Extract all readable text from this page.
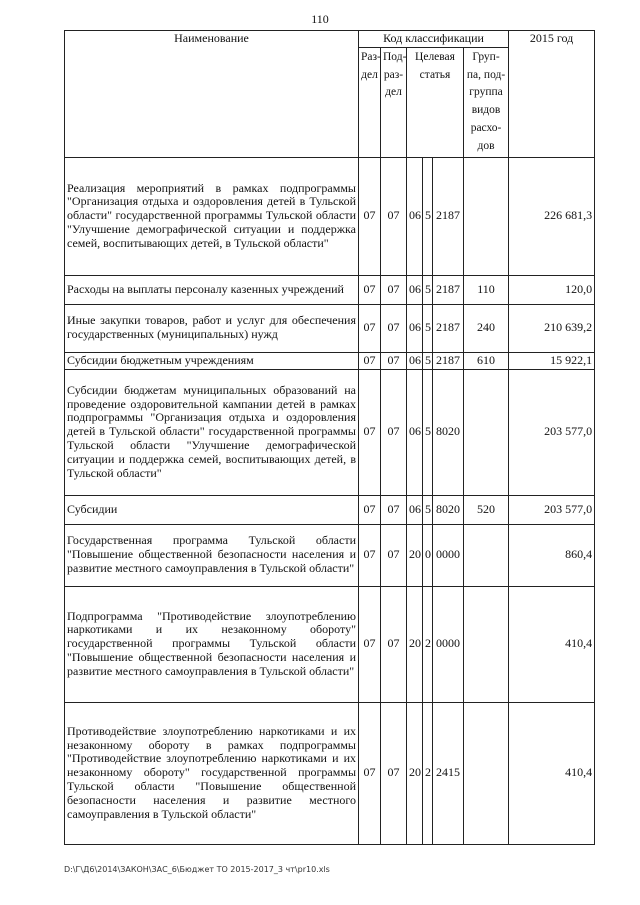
110
Наименование	Код классификации						2015 год
	Раз-дел	Под-раз-дел	Целевая статья			Груп-па, под-группа видов расхо-дов	
Реализация мероприятий в рамках подпрограммы "Организация отдыха и оздоровления детей в Тульской области" государственной программы Тульской области "Улучшение демографической ситуации и поддержка семей, воспитывающих детей, в Тульской области"	07	07	06	5	2187		226 681,3
Расходы на выплаты персоналу казенных учреждений	07	07	06	5	2187	110	120,0
Иные закупки товаров, работ и услуг для обеспечения государственных (муниципальных) нужд	07	07	06	5	2187	240	210 639,2
Субсидии бюджетным учреждениям	07	07	06	5	2187	610	15 922,1
Субсидии бюджетам муниципальных образований на проведение оздоровительной кампании детей в рамках подпрограммы "Организация отдыха и оздоровления детей в Тульской области" государственной программы Тульской области "Улучшение демографической ситуации и поддержка семей, воспитывающих детей, в Тульской области"	07	07	06	5	8020		203 577,0
Субсидии	07	07	06	5	8020	520	203 577,0
Государственная программа Тульской области "Повышение общественной безопасности населения и развитие местного самоуправления в Тульской области"	07	07	20	0	0000		860,4
Подпрограмма "Противодействие злоупотреблению наркотиками и их незаконному обороту" государственной программы Тульской области "Повышение общественной безопасности населения и развитие местного самоуправления в Тульской области"	07	07	20	2	0000		410,4
Противодействие злоупотреблению наркотиками и их незаконному обороту в рамках подпрограммы "Противодействие злоупотреблению наркотиками и их незаконному обороту" государственной программы Тульской области "Повышение общественной безопасности населения и развитие местного самоуправления в Тульской области"	07	07	20	2	2415		410,4
D:\Г\Д6\2014\ЗАКОН\ЗАС_6\Бюджет ТО 2015-2017_3 чт\pr10.xls
